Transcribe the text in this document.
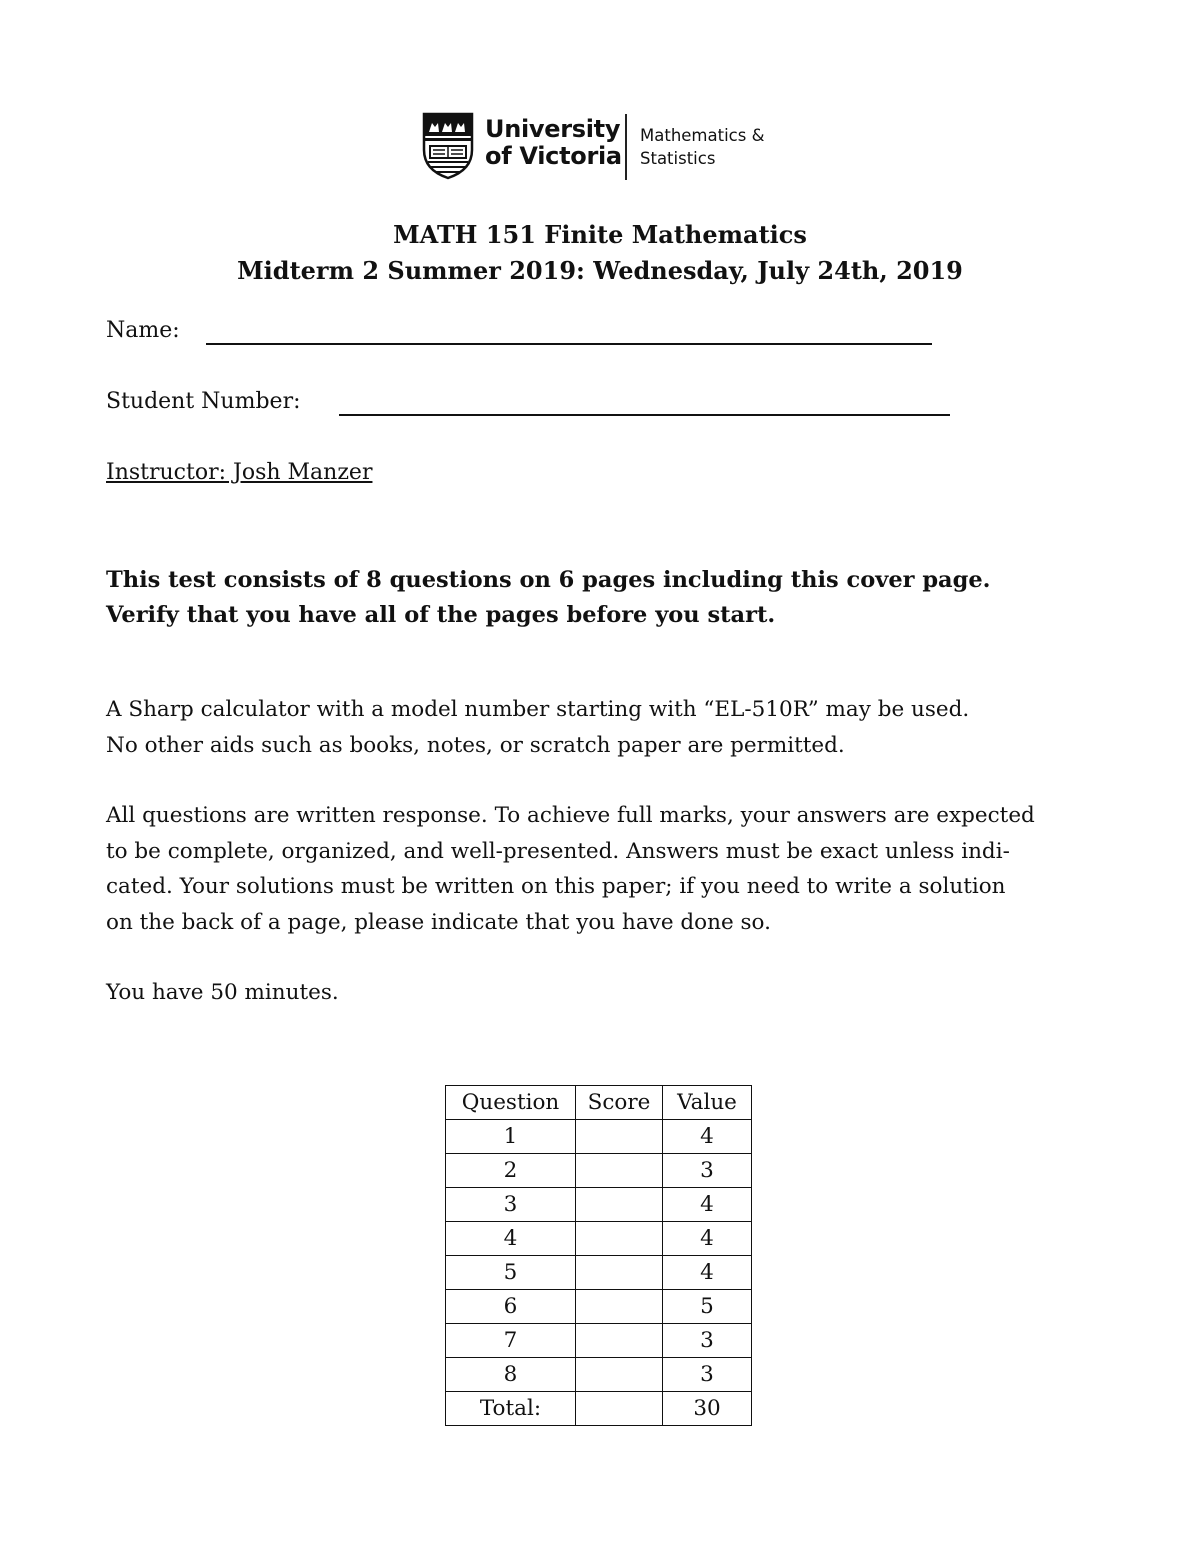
University
of Victoria
Mathematics &
Statistics
MATH 151 Finite Mathematics
Midterm 2 Summer 2019: Wednesday, July 24th, 2019
Name:
Student Number:
Instructor: Josh Manzer
This test consists of 8 questions on 6 pages including this cover page.
Verify that you have all of the pages before you start.
A Sharp calculator with a model number starting with “EL-510R” may be used.
No other aids such as books, notes, or scratch paper are permitted.
All questions are written response. To achieve full marks, your answers are expected
to be complete, organized, and well-presented. Answers must be exact unless indi-
cated. Your solutions must be written on this paper; if you need to write a solution
on the back of a page, please indicate that you have done so.
You have 50 minutes.
Question	Score	Value
1		4
2		3
3		4
4		4
5		4
6		5
7		3
8		3
Total:		30
